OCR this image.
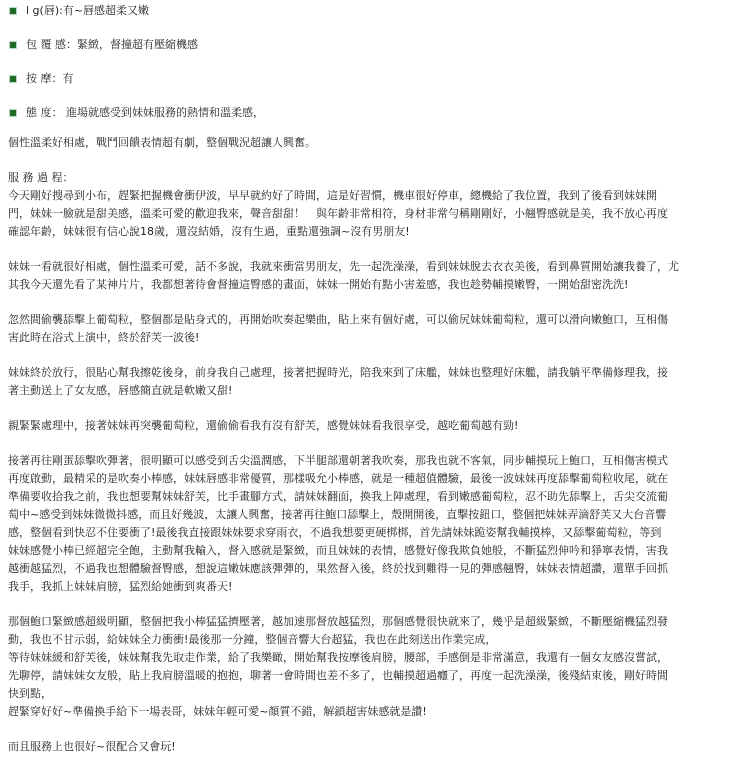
l g(唇):有~唇感超柔又嫩
包 覆 感：緊緻，督撞超有壓縮機感
按 摩：有
態 度： 進場就感受到妹妹服務的熱情和溫柔感，

個性溫柔好相處，戰鬥回饋表情超有劇，整個戰況超讓人興奮。

服 務 過 程：

今天剛好搜尋到小布，趕緊把握機會衝伊波，早早就約好了時間，這是好習慣，機車很好停車，總機給了我位置，我到了後看到妹妹開
門，妹妹一臉就是甜美感，溫柔可愛的歡迎我來，聲音甜甜！　與年齡非常相符，身材非常勻稱剛剛好，小翹臀感就是美，我不放心再度
確認年齡，妹妹很有信心說18歲，還沒結婚，沒有生過，重點還強調~沒有男朋友!
妹妹一看就很好相處，個性溫柔可愛，話不多說，我就來衝當男朋友，先一起洗澡澡，看到妹妹脫去衣衣美後，看到鼻質開始讓我養了，尤
其我今天還先看了某神片片，我都想著待會督撞這臀感的畫面，妹妹一開始有點小害羞感，我也趁勢輔摸嫩臀，一開始甜密洗洗!
忽然間偷襲舔擊上葡萄粒，整個都是貼身式的，再開始吹奏起樂曲，貼上來有個好處，可以偷尻妹妹葡萄粒，還可以滑向嫩鮑口，互相傷
害此時在浴式上演中，終於舒芙一波後!
妹妹終於放行，很貼心幫我擦乾後身，前身我自己處理，接著把握時光，陪我來到了床艦，妹妹也整理好床艦，請我躺平準備修理我，接
著主動送上了女友感，唇感簡直就是軟嫩又甜!
親緊緊處理中，接著妹妹再突襲葡萄粒，還偷偷看我有沒有舒芙，感覺妹妹看我很享受，越吃葡萄越有勁!
接著再往剛蛋舔擊吹彈著，很明顯可以感受到舌尖溫潤感，下半腿部還朝著我吹奏，那我也就不客氣，同步輔摸玩上鮑口，互相傷害模式
再度啟動，最精采的是吹奏小棒感，妹妹唇感非常優質，那樣吸允小棒感，就是一種超值體驗，最後一波妹妹再度舔擊葡萄粒收尾，就在
準備要收拾我之前，我也想要幫妹妹舒芙，比手畫腳方式，請妹妹翻面，換我上陣處理，看到嫩感葡萄粒，忍不助先舔擊上，舌尖交流葡
萄中~感受到妹妹微微抖感，而且好幾波，太讓人興奮，接著再往鮑口舔擊上，殼開開後，直擊按鈕口，整個把妹妹弄滴舒芙又大台音響
感，整個看到快忍不住要衝了!最後我直接跟妹妹要求穿雨衣，不過我想要更硬梆梆，首先請妹妹跪姿幫我輔摸棒，又舔擊葡萄粒，等到
妹妹感覺小棒已經超完全飽，主動幫我輸入，督入感就是緊緻，而且妹妹的表情，感覺好像我欺負她般，不斷猛烈伸吟和猙寧表情，害我
越衝越猛烈，不過我也想體驗督臀感，想說這嫩妹應該彈彈的，果然督入後，終於找到難得一見的彈感翹臀，妹妹表情超讚，還單手回抓
我手，我抓上妹妹肩膀，猛烈給她衝到爽番天!
那個鮑口緊緻感超級明顯，整個把我小棒猛猛擠壓著，越加速那督放越猛烈，那個感覺很快就來了，幾乎是超級緊緻，不斷壓縮機猛烈發
動，我也不甘示弱，給妹妹全力衝衝!最後那一分鐘，整個音響大台超猛，我也在此刻送出作業完成，
等待妹妹緩和舒芙後，妹妹幫我先取走作業，給了我樂瞰，開始幫我按摩後肩膀，腰部，手感倒是非常滿意，我還有一個女友感沒嘗試，
先聊停，請妹妹女友般，貼上我肩膀溫暖的抱抱，聊著一會時間也差不多了，也輔摸超過癮了，再度一起洗澡澡，後殘結束後，剛好時間
快到點，
趕緊穿好好~準備換手給下一場表哥，妹妹年輕可愛~顏質不錯，解鎖超害妹感就是讚!
而且服務上也很好~很配合又會玩!
